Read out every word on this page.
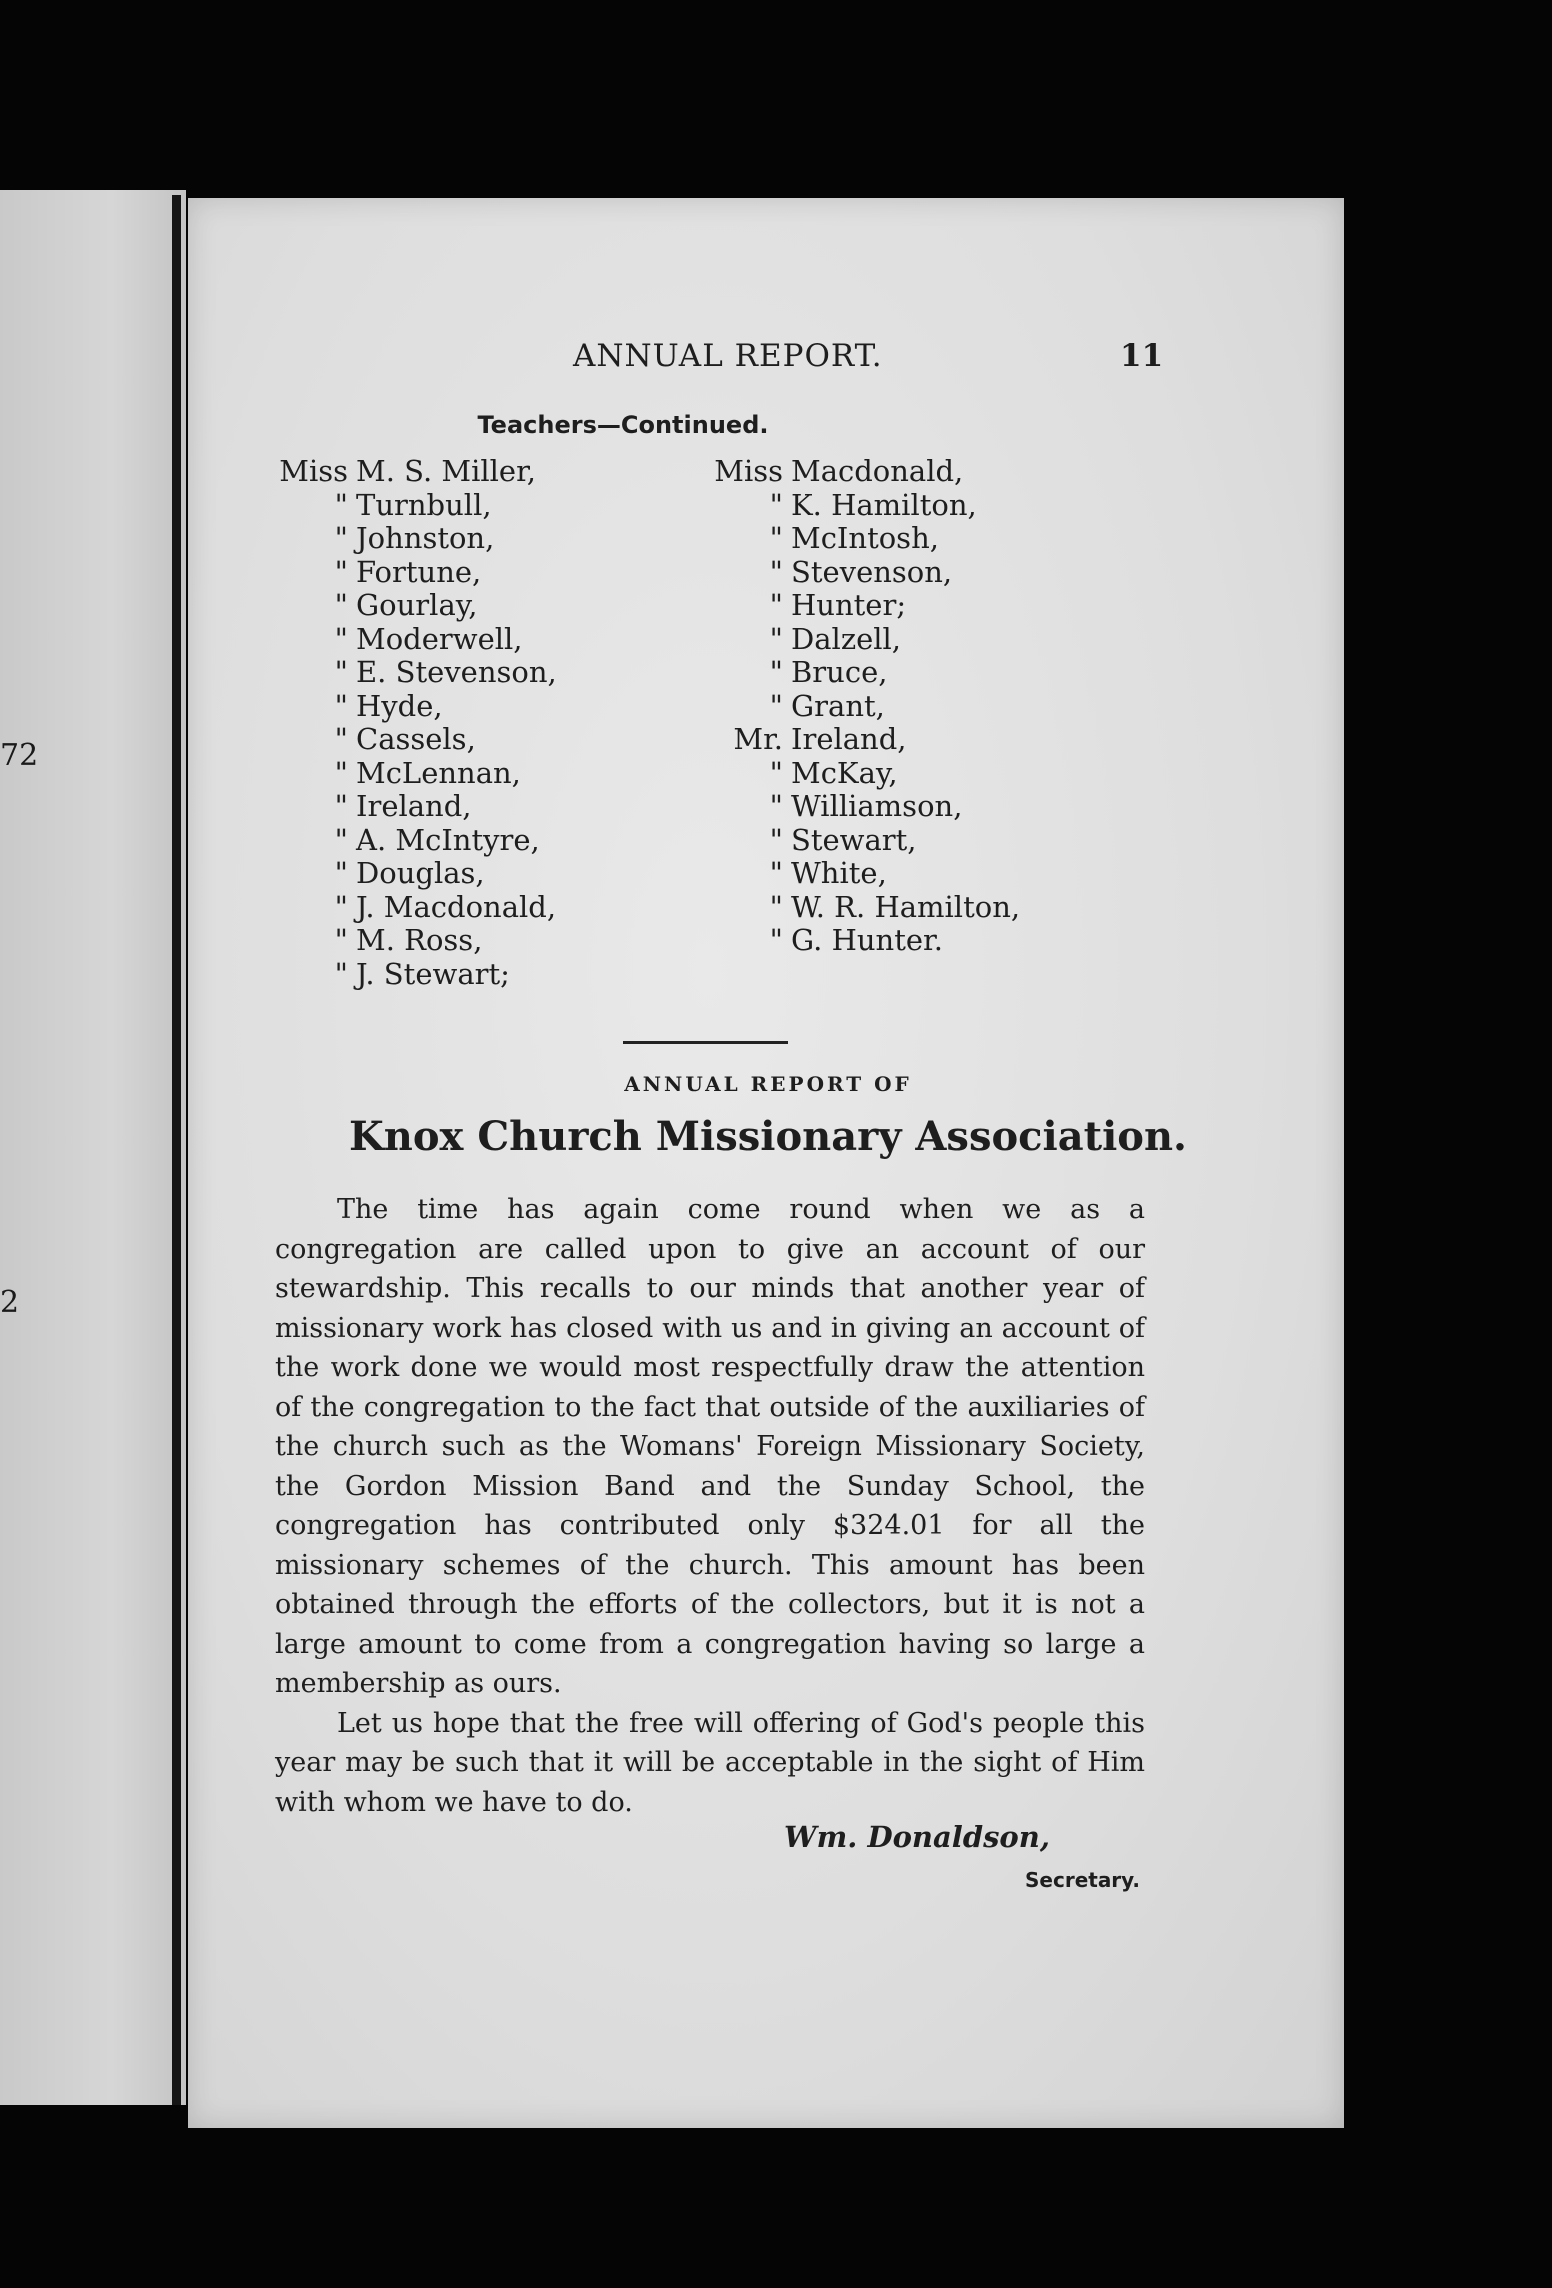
72
2
ANNUAL REPORT.	11
Teachers—Continued.
Miss M. S. Miller,
" Turnbull,
" Johnston,
" Fortune,
" Gourlay,
" Moderwell,
" E. Stevenson,
" Hyde,
" Cassels,
" McLennan,
" Ireland,
" A. McIntyre,
" Douglas,
" J. Macdonald,
" M. Ross,
" J. Stewart;
Miss Macdonald,
" K. Hamilton,
" McIntosh,
" Stevenson,
" Hunter;
" Dalzell,
" Bruce,
" Grant,
Mr. Ireland,
" McKay,
" Williamson,
" Stewart,
" White,
" W. R. Hamilton,
" G. Hunter.
ANNUAL REPORT OF
Knox Church Missionary Association.

The time has again come round when we as a congregation are called upon to give an account of our stewardship. This recalls to our minds that another year of missionary work has closed with us and in giving an account of the work done we would most respectfully draw the attention of the congregation to the fact that outside of the auxiliaries of the church such as the Womans' Foreign Missionary Society, the Gordon Mission Band and the Sunday School, the congregation has contributed only $324.01 for all the missionary schemes of the church. This amount has been obtained through the efforts of the collectors, but it is not a large amount to come from a congregation having so large a membership as ours.

Let us hope that the free will offering of God's people this year may be such that it will be acceptable in the sight of Him with whom we have to do.

Wm. Donaldson,
Secretary.
